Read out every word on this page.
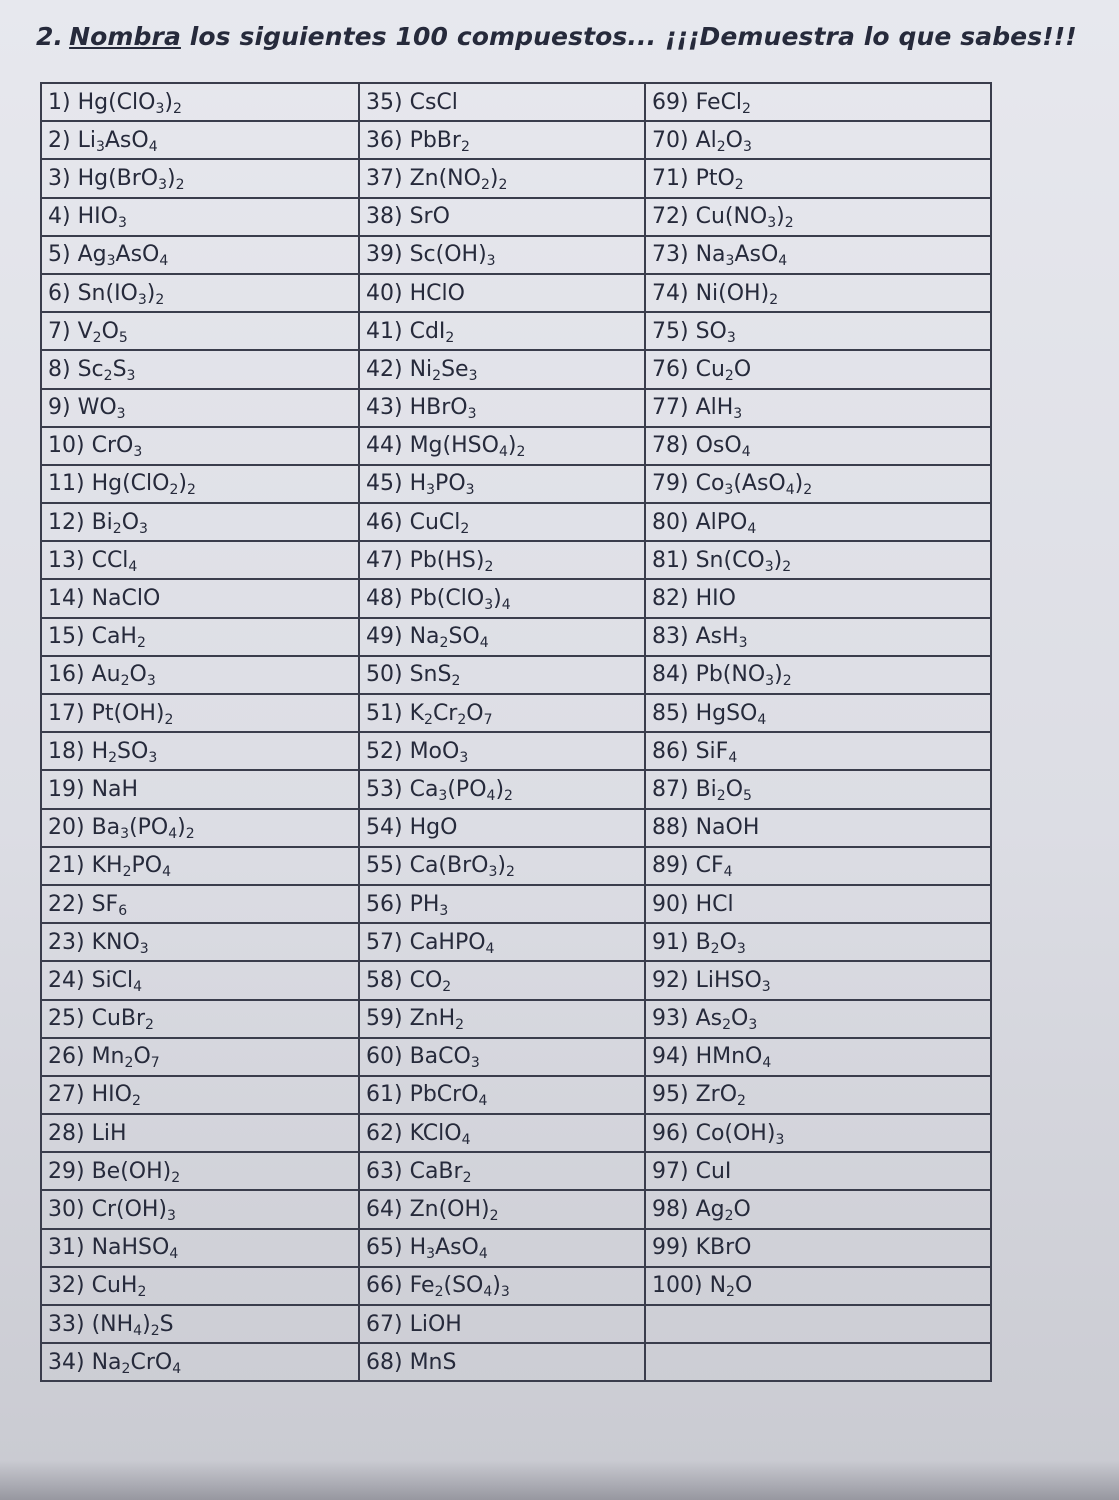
2. Nombra los siguientes 100 compuestos... ¡¡¡Demuestra lo que sabes!!!
1) $Hg(ClO_3)_2$	35) CsCl	69) FeCl$_2$
2) $Li_3AsO_4$	36) PbBr$_2$	70) $Al_2O_3$
3) $Hg(BrO_3)_2$	37) $Zn(NO_2)_2$	71) PtO$_2$
4) $HIO_3$	38) SrO	72) $Cu(NO_3)_2$
5) $Ag_3AsO_4$	39) $Sc(OH)_3$	73) $Na_3AsO_4$
6) $Sn(IO_3)_2$	40) HClO	74) $Ni(OH)_2$
7) $V_2O_5$	41) CdI$_2$	75) $SO_3$
8) $Sc_2S_3$	42) $Ni_2Se_3$	76) $Cu_2O$
9) $WO_3$	43) HBrO$_3$	77) AlH$_3$
10) CrO$_3$	44) $Mg(HSO_4)_2$	78) OsO$_4$
11) $Hg(ClO_2)_2$	45) $H_3PO_3$	79) $Co_3(AsO_4)_2$
12) $Bi_2O_3$	46) CuCl$_2$	80) AlPO$_4$
13) CCl$_4$	47) $Pb(HS)_2$	81) $Sn(CO_3)_2$
14) NaClO	48) $Pb(ClO_3)_4$	82) HIO
15) CaH$_2$	49) $Na_2SO_4$	83) AsH$_3$
16) $Au_2O_3$	50) SnS$_2$	84) $Pb(NO_3)_2$
17) $Pt(OH)_2$	51) $K_2Cr_2O_7$	85) HgSO$_4$
18) $H_2SO_3$	52) MoO$_3$	86) SiF$_4$
19) NaH	53) $Ca_3(PO_4)_2$	87) $Bi_2O_5$
20) $Ba_3(PO_4)_2$	54) HgO	88) NaOH
21) $KH_2PO_4$	55) $Ca(BrO_3)_2$	89) $CF_4$
22) $SF_6$	56) $PH_3$	90) HCl
23) $KNO_3$	57) CaHPO$_4$	91) $B_2O_3$
24) SiCl$_4$	58) $CO_2$	92) LiHSO$_3$
25) CuBr$_2$	59) ZnH$_2$	93) $As_2O_3$
26) $Mn_2O_7$	60) BaCO$_3$	94) HMnO$_4$
27) $HIO_2$	61) PbCrO$_4$	95) ZrO$_2$
28) LiH	62) KClO$_4$	96) $Co(OH)_3$
29) $Be(OH)_2$	63) CaBr$_2$	97) CuI
30) $Cr(OH)_3$	64) $Zn(OH)_2$	98) $Ag_2O$
31) NaHSO$_4$	65) $H_3AsO_4$	99) KBrO
32) CuH$_2$	66) $Fe_2(SO_4)_3$	100) $N_2O$
33) $(NH_4)_2S$	67) LiOH	
34) $Na_2CrO_4$	68) MnS	
